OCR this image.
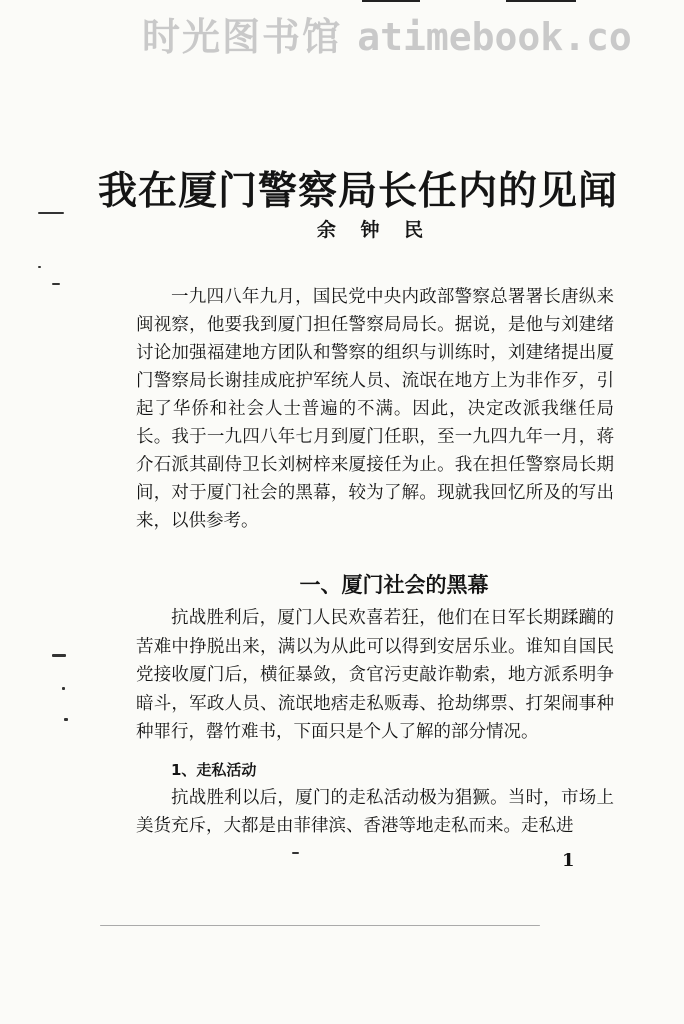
时光图书馆 atimebook.co
我在厦门警察局长任内的见闻
余 钟 民

一九四八年九月，国民党中央内政部警察总署署长唐纵来闽视察，他要我到厦门担任警察局局长。据说，是他与刘建绪讨论加强福建地方团队和警察的组织与训练时，刘建绪提出厦门警察局长谢挂成庇护军统人员、流氓在地方上为非作歹，引起了华侨和社会人士普遍的不满。因此，决定改派我继任局长。我于一九四八年七月到厦门任职，至一九四九年一月，蒋介石派其副侍卫长刘树梓来厦接任为止。我在担任警察局长期间，对于厦门社会的黑幕，较为了解。现就我回忆所及的写出来，以供参考。

一、厦门社会的黑幕

抗战胜利后，厦门人民欢喜若狂，他们在日军长期蹂躏的苦难中挣脱出来，满以为从此可以得到安居乐业。谁知自国民党接收厦门后，横征暴敛，贪官污吏敲诈勒索，地方派系明争暗斗，军政人员、流氓地痞走私贩毒、抢劫绑票、打架闹事种种罪行，罄竹难书，下面只是个人了解的部分情况。

1、走私活动

抗战胜利以后，厦门的走私活动极为猖獗。当时，市场上美货充斥，大都是由菲律滨、香港等地走私而来。走私进

1
